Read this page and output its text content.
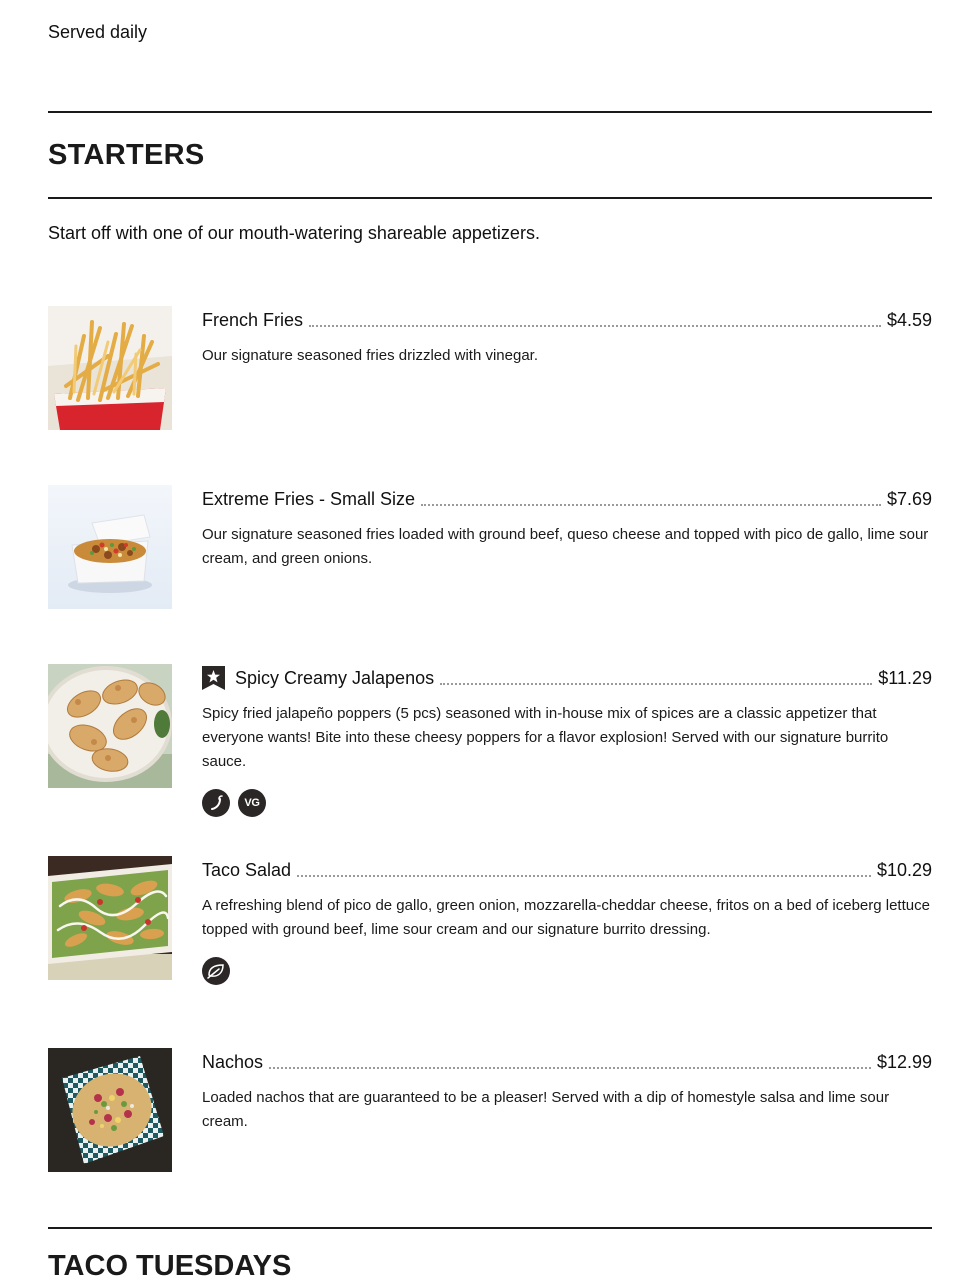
Served daily
STARTERS
Start off with one of our mouth-watering shareable appetizers.
French Fries	$4.59
Our signature seasoned fries drizzled with vinegar.
Extreme Fries - Small Size	$7.69
Our signature seasoned fries loaded with ground beef, queso cheese and topped with pico de gallo, lime sour cream, and green onions.
Spicy Creamy Jalapenos	$11.29
Spicy fried jalapeño poppers (5 pcs) seasoned with in-house mix of spices are a classic appetizer that everyone wants! Bite into these cheesy poppers for a flavor explosion! Served with our signature burrito sauce.
VG
Taco Salad	$10.29
A refreshing blend of pico de gallo, green onion, mozzarella-cheddar cheese, fritos on a bed of iceberg lettuce topped with ground beef, lime sour cream and our signature burrito dressing.
Nachos	$12.99
Loaded nachos that are guaranteed to be a pleaser! Served with a dip of homestyle salsa and lime sour cream.
TACO TUESDAYS
